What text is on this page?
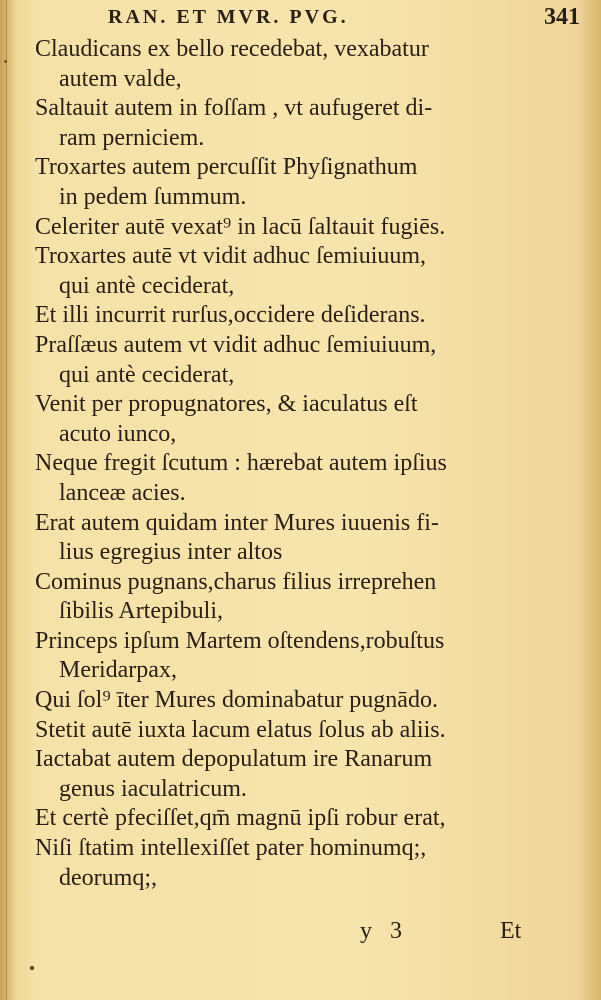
RAN. ET MVR. PVG.	341
Claudicans ex bello recedebat, vexabatur
autem valde,
Saltauit autem in foſſam , vt aufugeret di-
ram perniciem.
Troxartes autem percuſſit Phyſignathum
in pedem ſummum.
Celeriter autē vexat⁹ in lacū ſaltauit fugiēs.
Troxartes autē vt vidit adhuc ſemiuiuum,
qui antè ceciderat,
Et illi incurrit rurſus,occidere deſiderans.
Praſſæus autem vt vidit adhuc ſemiuiuum,
qui antè ceciderat,
Venit per propugnatores, & iaculatus eſt
acuto iunco,
Neque fregit ſcutum : hærebat autem ipſius
lanceæ acies.
Erat autem quidam inter Mures iuuenis fi-
lius egregius inter altos
Cominus pugnans,charus filius irreprehen
ſibilis Artepibuli,
Princeps ipſum Martem oſtendens,robuſtus
Meridarpax,
Qui ſol⁹ īter Mures dominabatur pugnādo.
Stetit autē iuxta lacum elatus ſolus ab aliis.
Iactabat autem depopulatum ire Ranarum
genus iaculatricum.
Et certè pfeciſſet,qm̄ magnū ipſi robur erat,
Niſi ſtatim intellexiſſet pater hominumq;,
deorumq;,
y 3	Et
